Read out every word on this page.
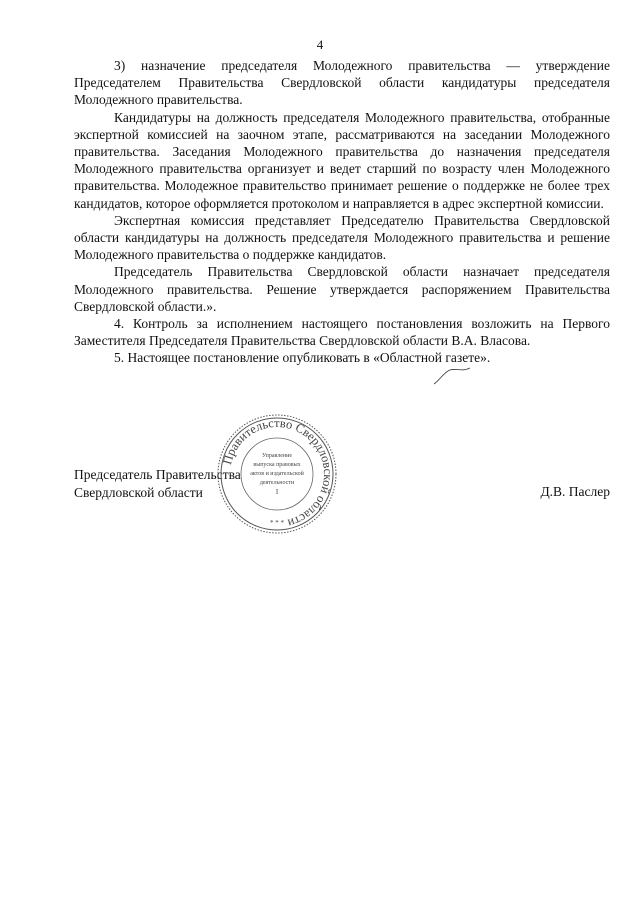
4

3) назначение председателя Молодежного правительства — утверждение Председателем Правительства Свердловской области кандидатуры председателя Молодежного правительства.

Кандидатуры на должность председателя Молодежного правительства, отобранные экспертной комиссией на заочном этапе, рассматриваются на заседании Молодежного правительства. Заседания Молодежного правительства до назначения председателя Молодежного правительства организует и ведет старший по возрасту член Молодежного правительства. Молодежное правительство принимает решение о поддержке не более трех кандидатов, которое оформляется протоколом и направляется в адрес экспертной комиссии.

Экспертная комиссия представляет Председателю Правительства Свердловской области кандидатуры на должность председателя Молодежного правительства и решение Молодежного правительства о поддержке кандидатов.

Председатель Правительства Свердловской области назначает председателя Молодежного правительства. Решение утверждается распоряжением Правительства Свердловской области.».

4. Контроль за исполнением настоящего постановления возложить на Первого Заместителя Председателя Правительства Свердловской области В.А. Власова.

5. Настоящее постановление опубликовать в «Областной газете».

Председатель Правительства
Свердловской области	Д.В. Паслер
Правительство Свердловской области
Управление
выпуска правовых
актов и издательской
деятельности
I
* * *
